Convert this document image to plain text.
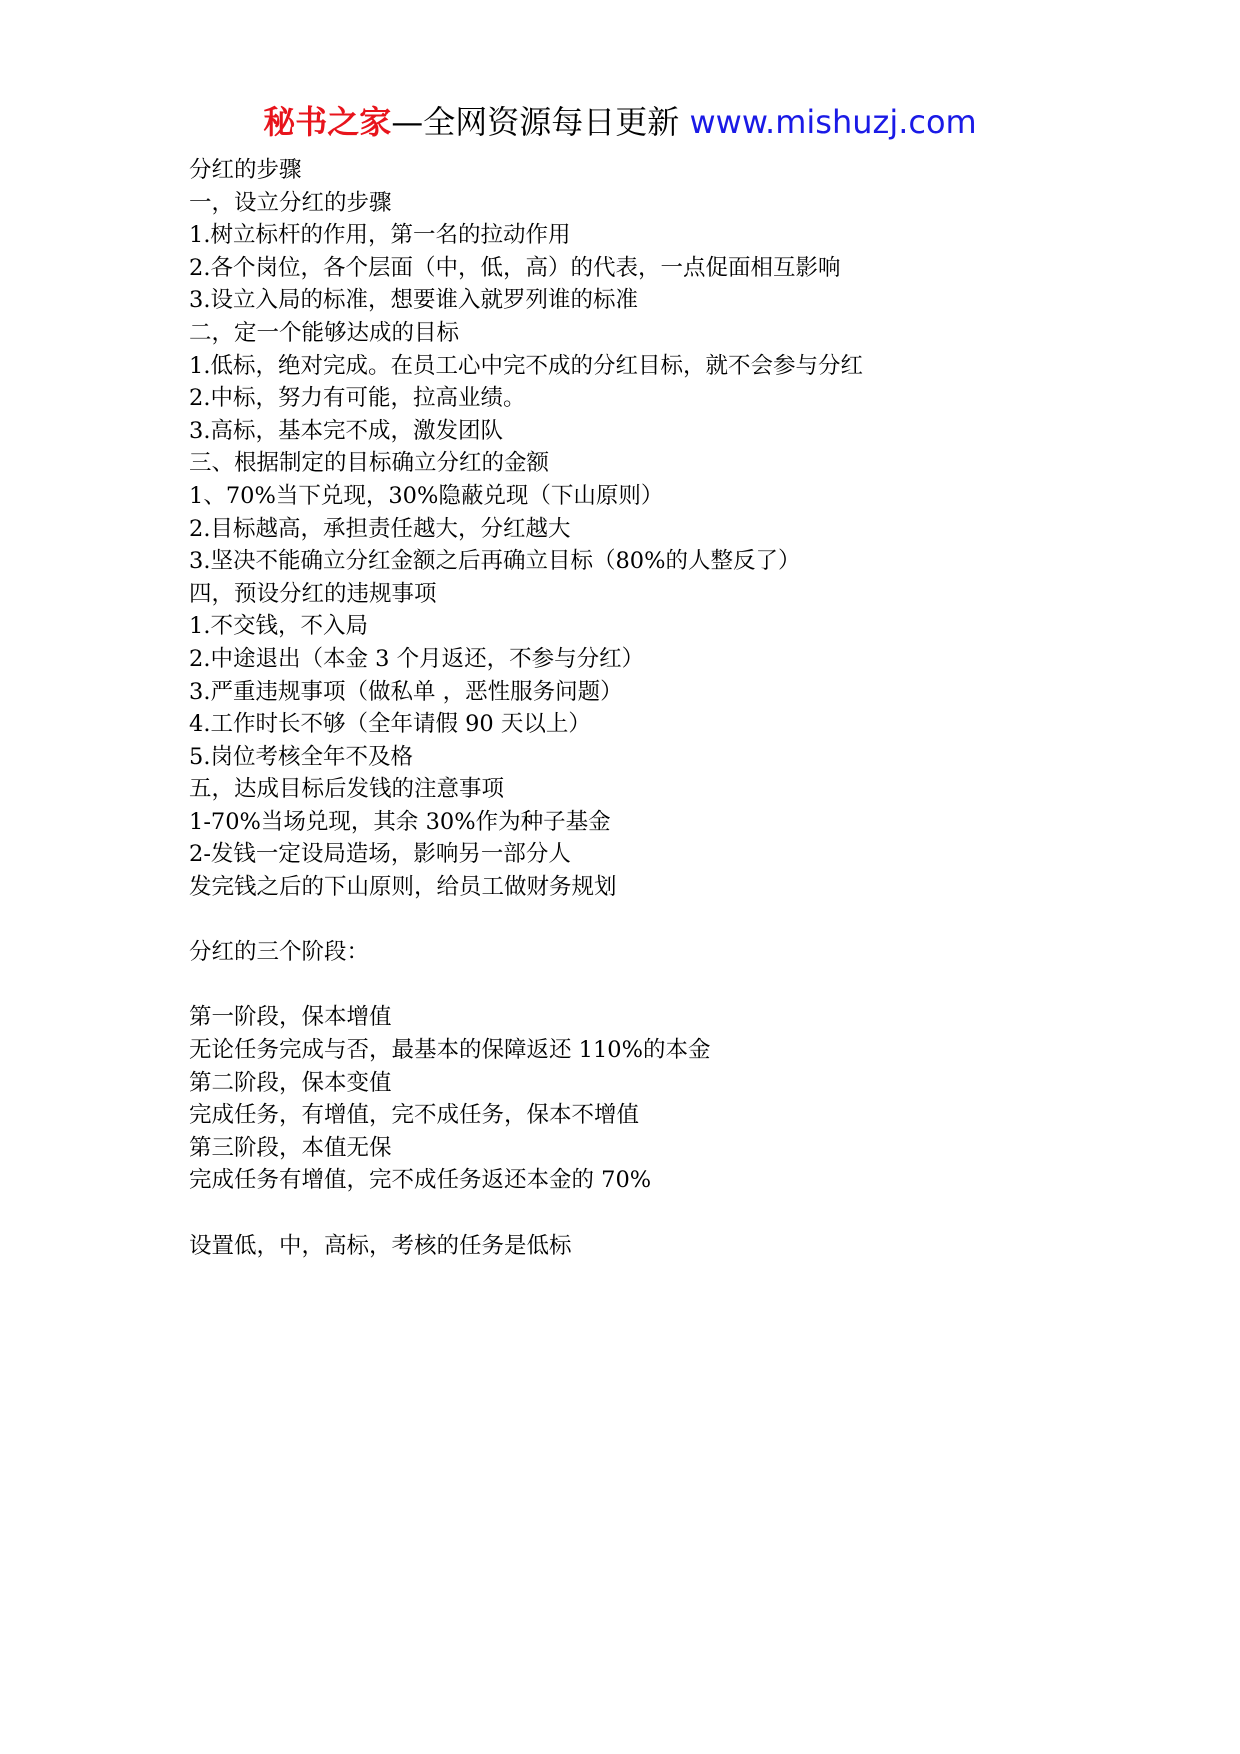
秘书之家—全网资源每日更新 www.mishuzj.com
分红的步骤
一，设立分红的步骤
1.树立标杆的作用，第一名的拉动作用
2.各个岗位，各个层面（中，低，高）的代表，一点促面相互影响
3.设立入局的标准，想要谁入就罗列谁的标准
二，定一个能够达成的目标
1.低标，绝对完成。在员工心中完不成的分红目标，就不会参与分红
2.中标，努力有可能，拉高业绩。
3.高标，基本完不成，激发团队
三、根据制定的目标确立分红的金额
1、70%当下兑现，30%隐蔽兑现（下山原则）
2.目标越高，承担责任越大，分红越大
3.坚决不能确立分红金额之后再确立目标（80%的人整反了）
四，预设分红的违规事项
1.不交钱，不入局
2.中途退出（本金 3 个月返还，不参与分红）
3.严重违规事项（做私单 ，恶性服务问题）
4.工作时长不够（全年请假 90 天以上）
5.岗位考核全年不及格
五，达成目标后发钱的注意事项
1-70%当场兑现，其余 30%作为种子基金
2-发钱一定设局造场，影响另一部分人
发完钱之后的下山原则，给员工做财务规划
分红的三个阶段：
第一阶段，保本增值
无论任务完成与否，最基本的保障返还 110%的本金
第二阶段，保本变值
完成任务，有增值，完不成任务，保本不增值
第三阶段，本值无保
完成任务有增值，完不成任务返还本金的 70%
设置低，中，高标，考核的任务是低标
